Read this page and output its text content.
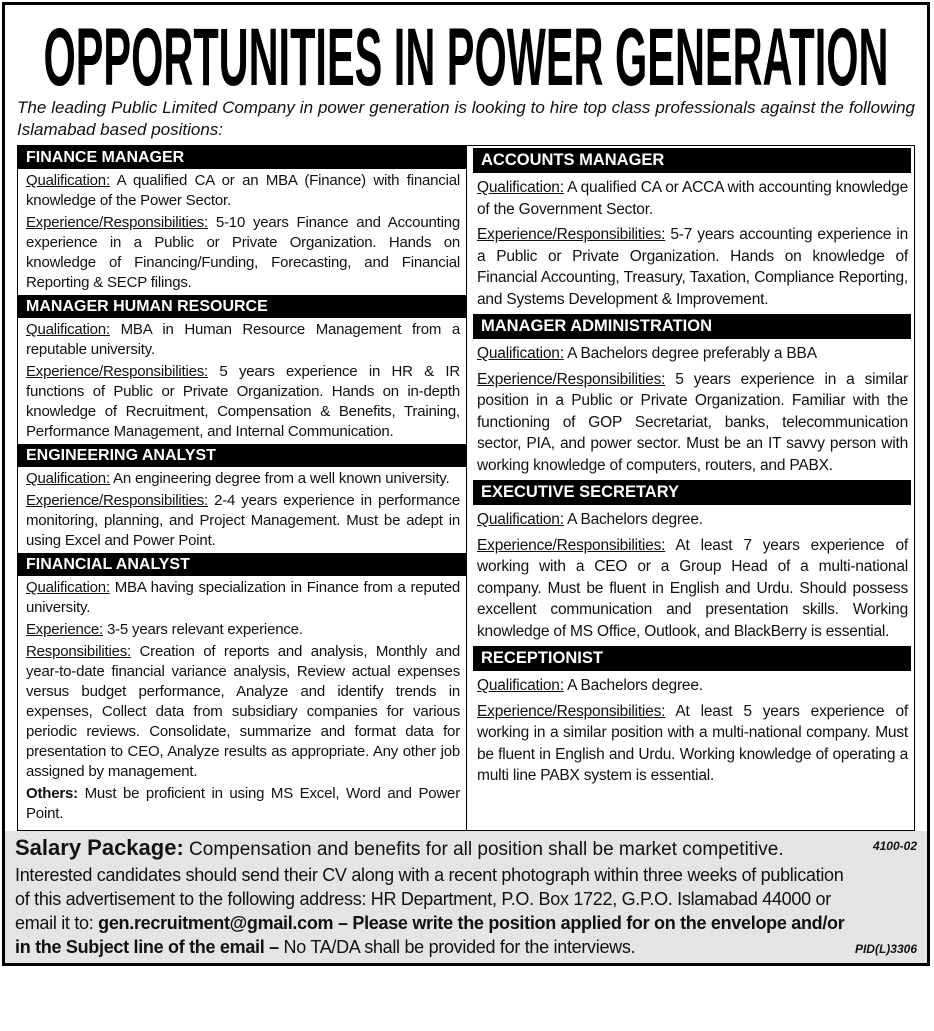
OPPORTUNITIES IN POWER GENERATION
The leading Public Limited Company in power generation is looking to hire top class professionals against the following Islamabad based positions:
FINANCE MANAGER
Qualification: A qualified CA or an MBA (Finance) with financial knowledge of the Power Sector.
Experience/Responsibilities: 5-10 years Finance and Accounting experience in a Public or Private Organization. Hands on knowledge of Financing/Funding, Forecasting, and Financial Reporting & SECP filings.
MANAGER HUMAN RESOURCE
Qualification: MBA in Human Resource Management from a reputable university.
Experience/Responsibilities: 5 years experience in HR & IR functions of Public or Private Organization. Hands on in-depth knowledge of Recruitment, Compensation & Benefits, Training, Performance Management, and Internal Communication.
ENGINEERING ANALYST
Qualification: An engineering degree from a well known university.
Experience/Responsibilities: 2-4 years experience in performance monitoring, planning, and Project Management. Must be adept in using Excel and Power Point.
FINANCIAL ANALYST
Qualification: MBA having specialization in Finance from a reputed university.
Experience: 3-5 years relevant experience.
Responsibilities: Creation of reports and analysis, Monthly and year-to-date financial variance analysis, Review actual expenses versus budget performance, Analyze and identify trends in expenses, Collect data from subsidiary companies for various periodic reviews. Consolidate, summarize and format data for presentation to CEO, Analyze results as appropriate. Any other job assigned by management.
Others: Must be proficient in using MS Excel, Word and Power Point.
ACCOUNTS MANAGER
Qualification: A qualified CA or ACCA with accounting knowledge of the Government Sector.
Experience/Responsibilities: 5-7 years accounting experience in a Public or Private Organization. Hands on knowledge of Financial Accounting, Treasury, Taxation, Compliance Reporting, and Systems Development & Improvement.
MANAGER ADMINISTRATION
Qualification: A Bachelors degree preferably a BBA
Experience/Responsibilities: 5 years experience in a similar position in a Public or Private Organization. Familiar with the functioning of GOP Secretariat, banks, telecommunication sector, PIA, and power sector. Must be an IT savvy person with working knowledge of computers, routers, and PABX.
EXECUTIVE SECRETARY
Qualification: A Bachelors degree.
Experience/Responsibilities: At least 7 years experience of working with a CEO or a Group Head of a multi-national company. Must be fluent in English and Urdu. Should possess excellent communication and presentation skills. Working knowledge of MS Office, Outlook, and BlackBerry is essential.
RECEPTIONIST
Qualification: A Bachelors degree.
Experience/Responsibilities: At least 5 years experience of working in a similar position with a multi-national company. Must be fluent in English and Urdu. Working knowledge of operating a multi line PABX system is essential.
Salary Package: Compensation and benefits for all position shall be market competitive.	4100-02
Interested candidates should send their CV along with a recent photograph within three weeks of publication of this advertisement to the following address: HR Department, P.O. Box 1722, G.P.O. Islamabad 44000 or email it to: gen.recruitment@gmail.com – Please write the position applied for on the envelope and/or in the Subject line of the email – No TA/DA shall be provided for the interviews.	PID(L)3306
